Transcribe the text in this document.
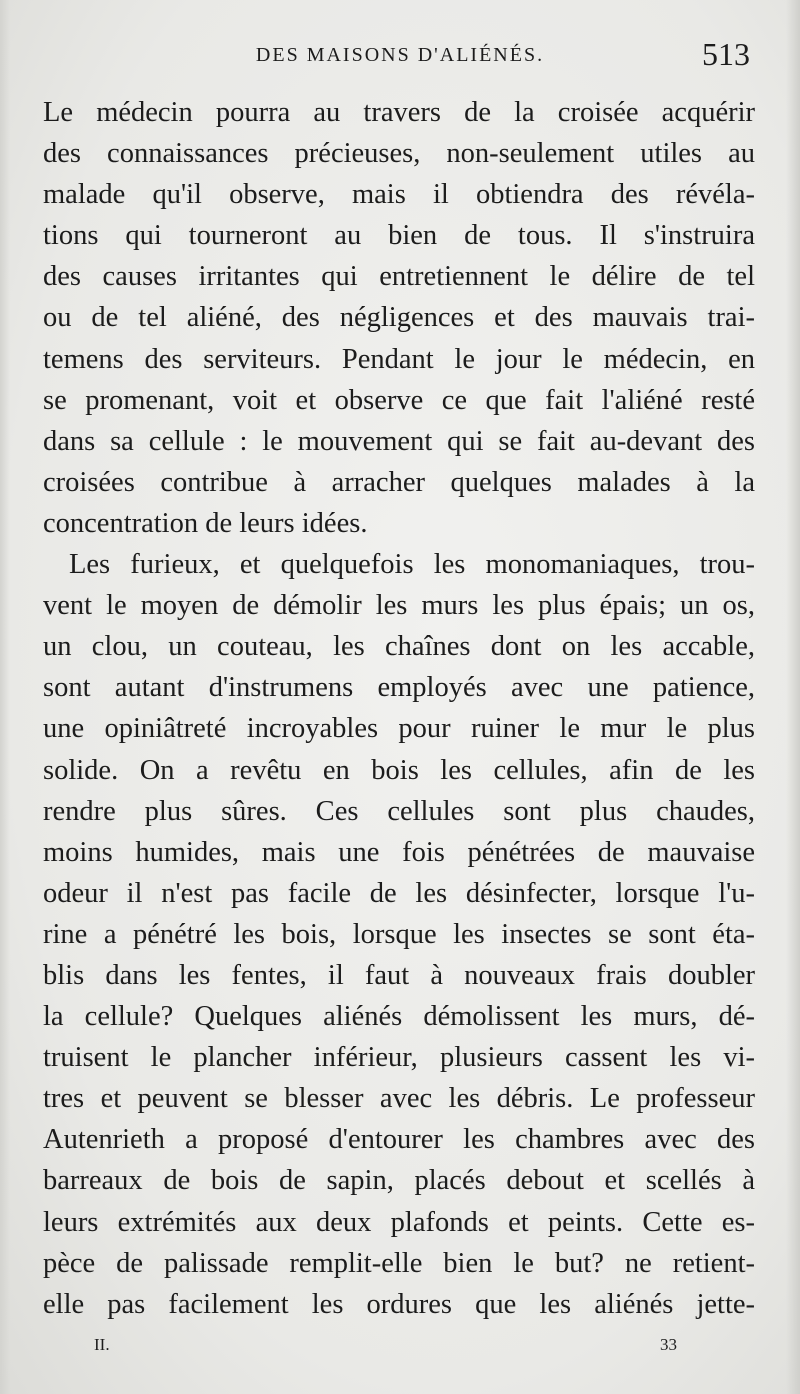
DES MAISONS D'ALIÉNÉS.	513
Le médecin pourra au travers de la croisée acquérir
des connaissances précieuses, non-seulement utiles au
malade qu'il observe, mais il obtiendra des révéla-
tions qui tourneront au bien de tous. Il s'instruira
des causes irritantes qui entretiennent le délire de tel
ou de tel aliéné, des négligences et des mauvais trai-
temens des serviteurs. Pendant le jour le médecin, en
se promenant, voit et observe ce que fait l'aliéné resté
dans sa cellule : le mouvement qui se fait au-devant des
croisées contribue à arracher quelques malades à la
concentration de leurs idées.
Les furieux, et quelquefois les monomaniaques, trou-
vent le moyen de démolir les murs les plus épais; un os,
un clou, un couteau, les chaînes dont on les accable,
sont autant d'instrumens employés avec une patience,
une opiniâtreté incroyables pour ruiner le mur le plus
solide. On a revêtu en bois les cellules, afin de les
rendre plus sûres. Ces cellules sont plus chaudes,
moins humides, mais une fois pénétrées de mauvaise
odeur il n'est pas facile de les désinfecter, lorsque l'u-
rine a pénétré les bois, lorsque les insectes se sont éta-
blis dans les fentes, il faut à nouveaux frais doubler
la cellule? Quelques aliénés démolissent les murs, dé-
truisent le plancher inférieur, plusieurs cassent les vi-
tres et peuvent se blesser avec les débris. Le professeur
Autenrieth a proposé d'entourer les chambres avec des
barreaux de bois de sapin, placés debout et scellés à
leurs extrémités aux deux plafonds et peints. Cette es-
pèce de palissade remplit-elle bien le but? ne retient-
elle pas facilement les ordures que les aliénés jette-
II.	33
